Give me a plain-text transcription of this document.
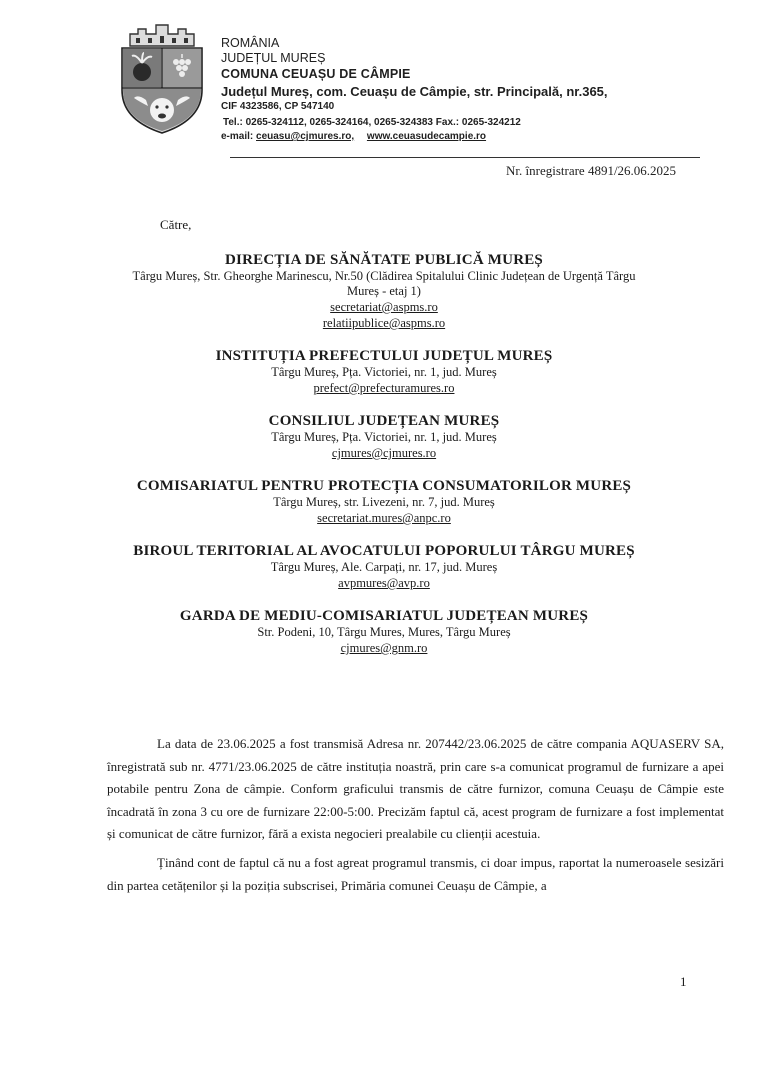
ROMÂNIA

JUDEȚUL MUREȘ

COMUNA CEUAȘU DE CÂMPIE

Județul Mureș, com. Ceuașu de Câmpie, str. Principală, nr.365,

CIF 4323586, CP 547140

Tel.: 0265-324112, 0265-324164, 0265-324383 Fax.: 0265-324212

e-mail: ceuasu@cjmures.ro, www.ceuasudecampie.ro

Nr. înregistrare 4891/26.06.2025
Către,
DIRECȚIA DE SĂNĂTATE PUBLICĂ MUREȘ
Târgu Mureș, Str. Gheorghe Marinescu, Nr.50 (Clădirea Spitalului Clinic Județean de Urgență Târgu
Mureș - etaj 1)
secretariat@aspms.ro
relatiipublice@aspms.ro
INSTITUȚIA PREFECTULUI JUDEȚUL MUREȘ
Târgu Mureș, Pța. Victoriei, nr. 1, jud. Mureș
prefect@prefecturamures.ro
CONSILIUL JUDEȚEAN MUREȘ
Târgu Mureș, Pța. Victoriei, nr. 1, jud. Mureș
cjmures@cjmures.ro
COMISARIATUL PENTRU PROTECȚIA CONSUMATORILOR MUREȘ
Târgu Mureș, str. Livezeni, nr. 7, jud. Mureș
secretariat.mures@anpc.ro
BIROUL TERITORIAL AL AVOCATULUI POPORULUI TÂRGU MUREȘ
Târgu Mureș, Ale. Carpați, nr. 17, jud. Mureș
avpmures@avp.ro
GARDA DE MEDIU-COMISARIATUL JUDEȚEAN MUREȘ
Str. Podeni, 10, Târgu Mures, Mures, Târgu Mureș
cjmures@gnm.ro

La data de 23.06.2025 a fost transmisă Adresa nr. 207442/23.06.2025 de către compania AQUASERV SA, înregistrată sub nr. 4771/23.06.2025 de către instituția noastră, prin care s-a comunicat programul de furnizare a apei potabile pentru Zona de câmpie. Conform graficului transmis de către furnizor, comuna Ceuașu de Câmpie este încadrată în zona 3 cu ore de furnizare 22:00-5:00. Precizăm faptul că, acest program de furnizare a fost implementat și comunicat de către furnizor, fără a exista negocieri prealabile cu clienții acestuia.

Ținând cont de faptul că nu a fost agreat programul transmis, ci doar impus, raportat la numeroasele sesizări din partea cetățenilor și la poziția subscrisei, Primăria comunei Ceuașu de Câmpie, a

1
